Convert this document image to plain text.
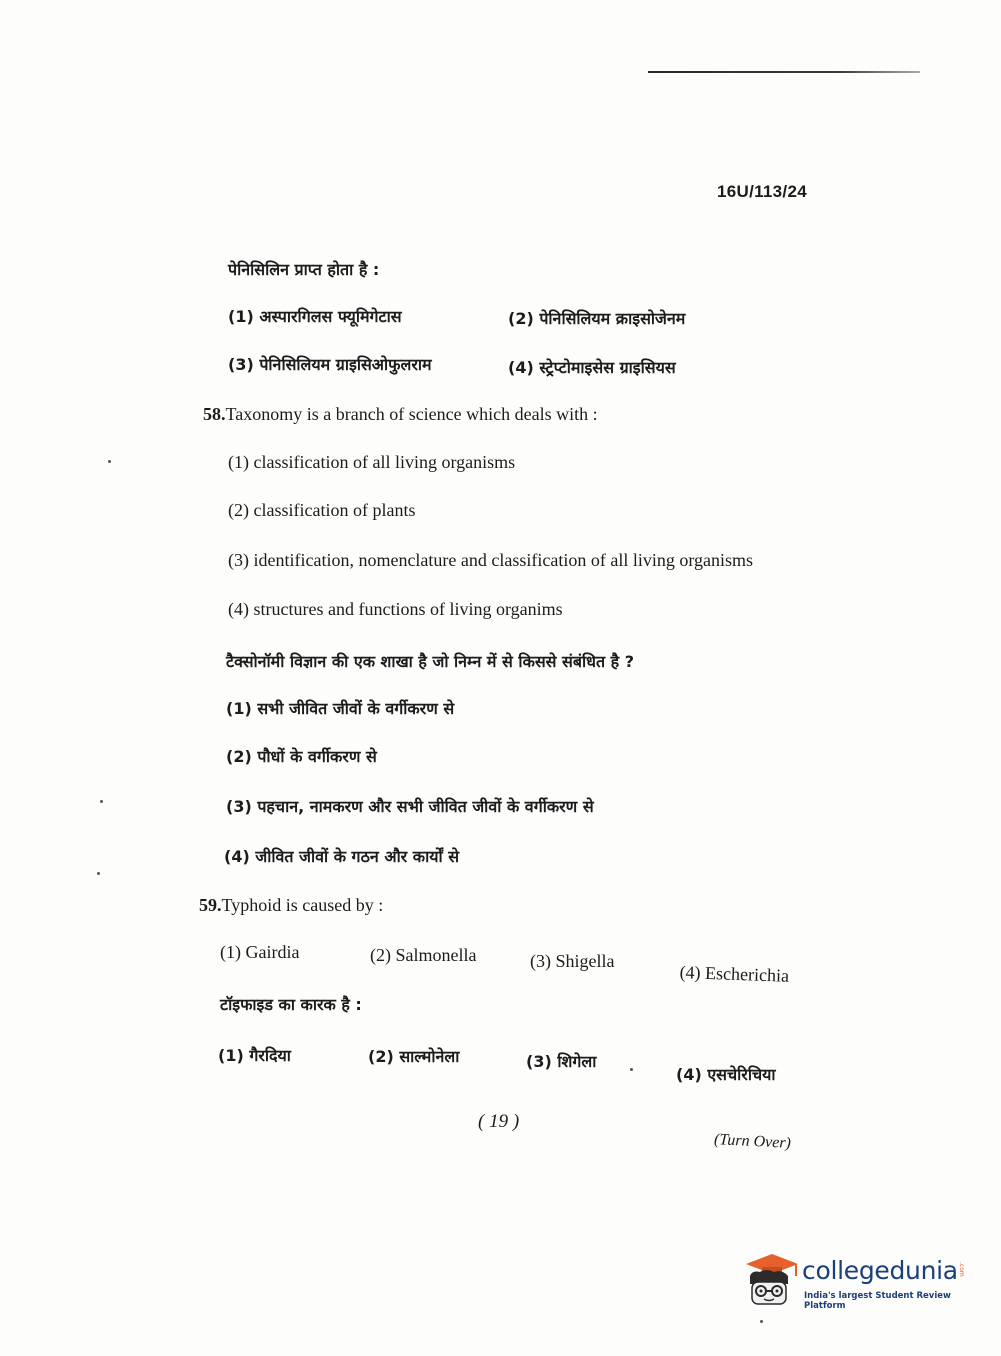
16U/113/24
पेनिसिलिन प्राप्त होता है :
(1) अस्पारगिलस फ्यूमिगेटास	(2) पेनिसिलियम क्राइसोजेनम
(3) पेनिसिलियम ग्राइसिओफुलराम	(4) स्ट्रेप्टोमाइसेस ग्राइसियस
58.Taxonomy is a branch of science which deals with :
(1) classification of all living organisms
(2) classification of plants
(3) identification, nomenclature and classification of all living organisms
(4) structures and functions of living organims
टैक्सोनॉमी विज्ञान की एक शाखा है जो निम्न में से किससे संबंधित है ?
(1) सभी जीवित जीवों के वर्गीकरण से
(2) पौधों के वर्गीकरण से
(3) पहचान, नामकरण और सभी जीवित जीवों के वर्गीकरण से
(4) जीवित जीवों के गठन और कार्यों से
59.Typhoid is caused by :
(1) Gairdia	(2) Salmonella	(3) Shigella
(4) Escherichia
टॉइफाइड का कारक है :
(1) गैरदिया	(2) साल्मोनेला	(3) शिगेला
(4) एसचेरिचिया
( 19 )
(Turn Over)
collegedunia .com
India's largest Student Review Platform
